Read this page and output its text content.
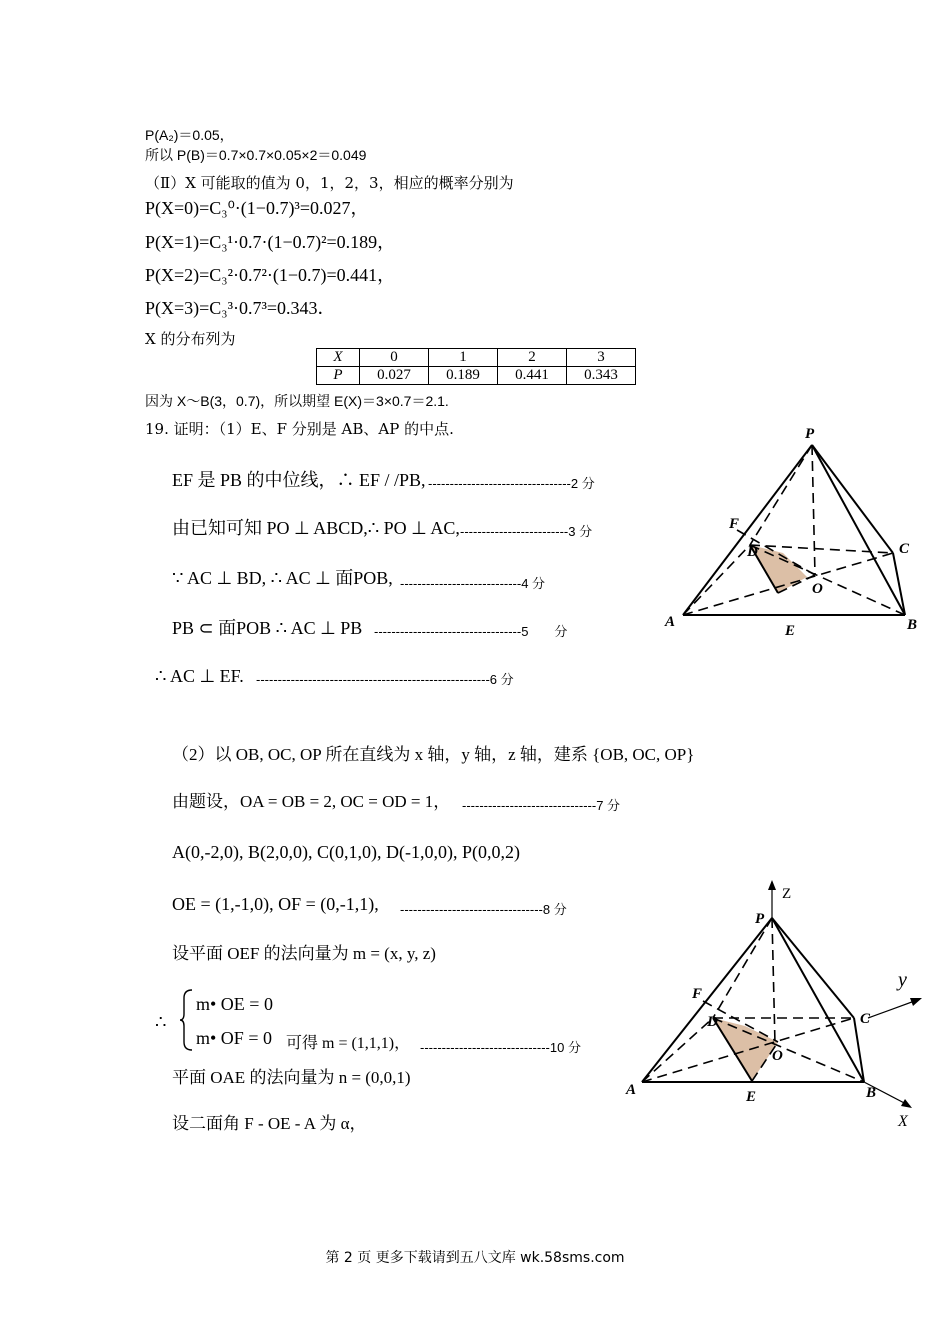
P(A₂)＝0.05，
所以 P(B)＝0.7×0.7×0.05×2＝0.049
（Ⅱ）X 可能取的值为 0，1，2，3，相应的概率分别为
P(X=0)=C₃⁰·(1−0.7)³=0.027，
P(X=1)=C₃¹·0.7·(1−0.7)²=0.189，
P(X=2)=C₃²·0.7²·(1−0.7)=0.441，
P(X=3)=C₃³·0.7³=0.343．
X 的分布列为
X	0	1	2	3
P	0.027	0.189	0.441	0.343
因为 X～B(3，0.7)，所以期望 E(X)＝3×0.7＝2.1.
19. 证明：（1）E、F 分别是 AB、AP 的中点.
EF 是 PB 的中位线，∴ EF / /PB, ---------------------------------2 分
由已知可知 PO ⊥ ABCD,∴ PO ⊥ AC, -------------------------3 分
∵ AC ⊥ BD, ∴ AC ⊥ 面POB, ----------------------------4 分
PB ⊂ 面POB ∴ AC ⊥ PB ----------------------------------5　　分
∴ AC ⊥ EF. ------------------------------------------------------6 分
（2）以 OB, OC, OP 所在直线为 x 轴，y 轴，z 轴，建系 {OB, OC, OP}
由题设，OA = OB = 2, OC = OD = 1， -------------------------------7 分
A(0,-2,0), B(2,0,0), C(0,1,0), D(-1,0,0), P(0,0,2)
OE = (1,-1,0), OF = (0,-1,1), ---------------------------------8 分
设平面 OEF 的法向量为 m = (x, y, z)
∴
m• OE = 0
m• OF = 0 可得 m = (1,1,1)， ------------------------------10 分
平面 OAE 的法向量为 n = (0,0,1)
设二面角 F - OE - A 为 α，
P
F
D	C
O
A
E	B
Z
P
y
F
D	C
O
A	E	B
X
第 2 页 更多下载请到五八文库 wk.58sms.com
